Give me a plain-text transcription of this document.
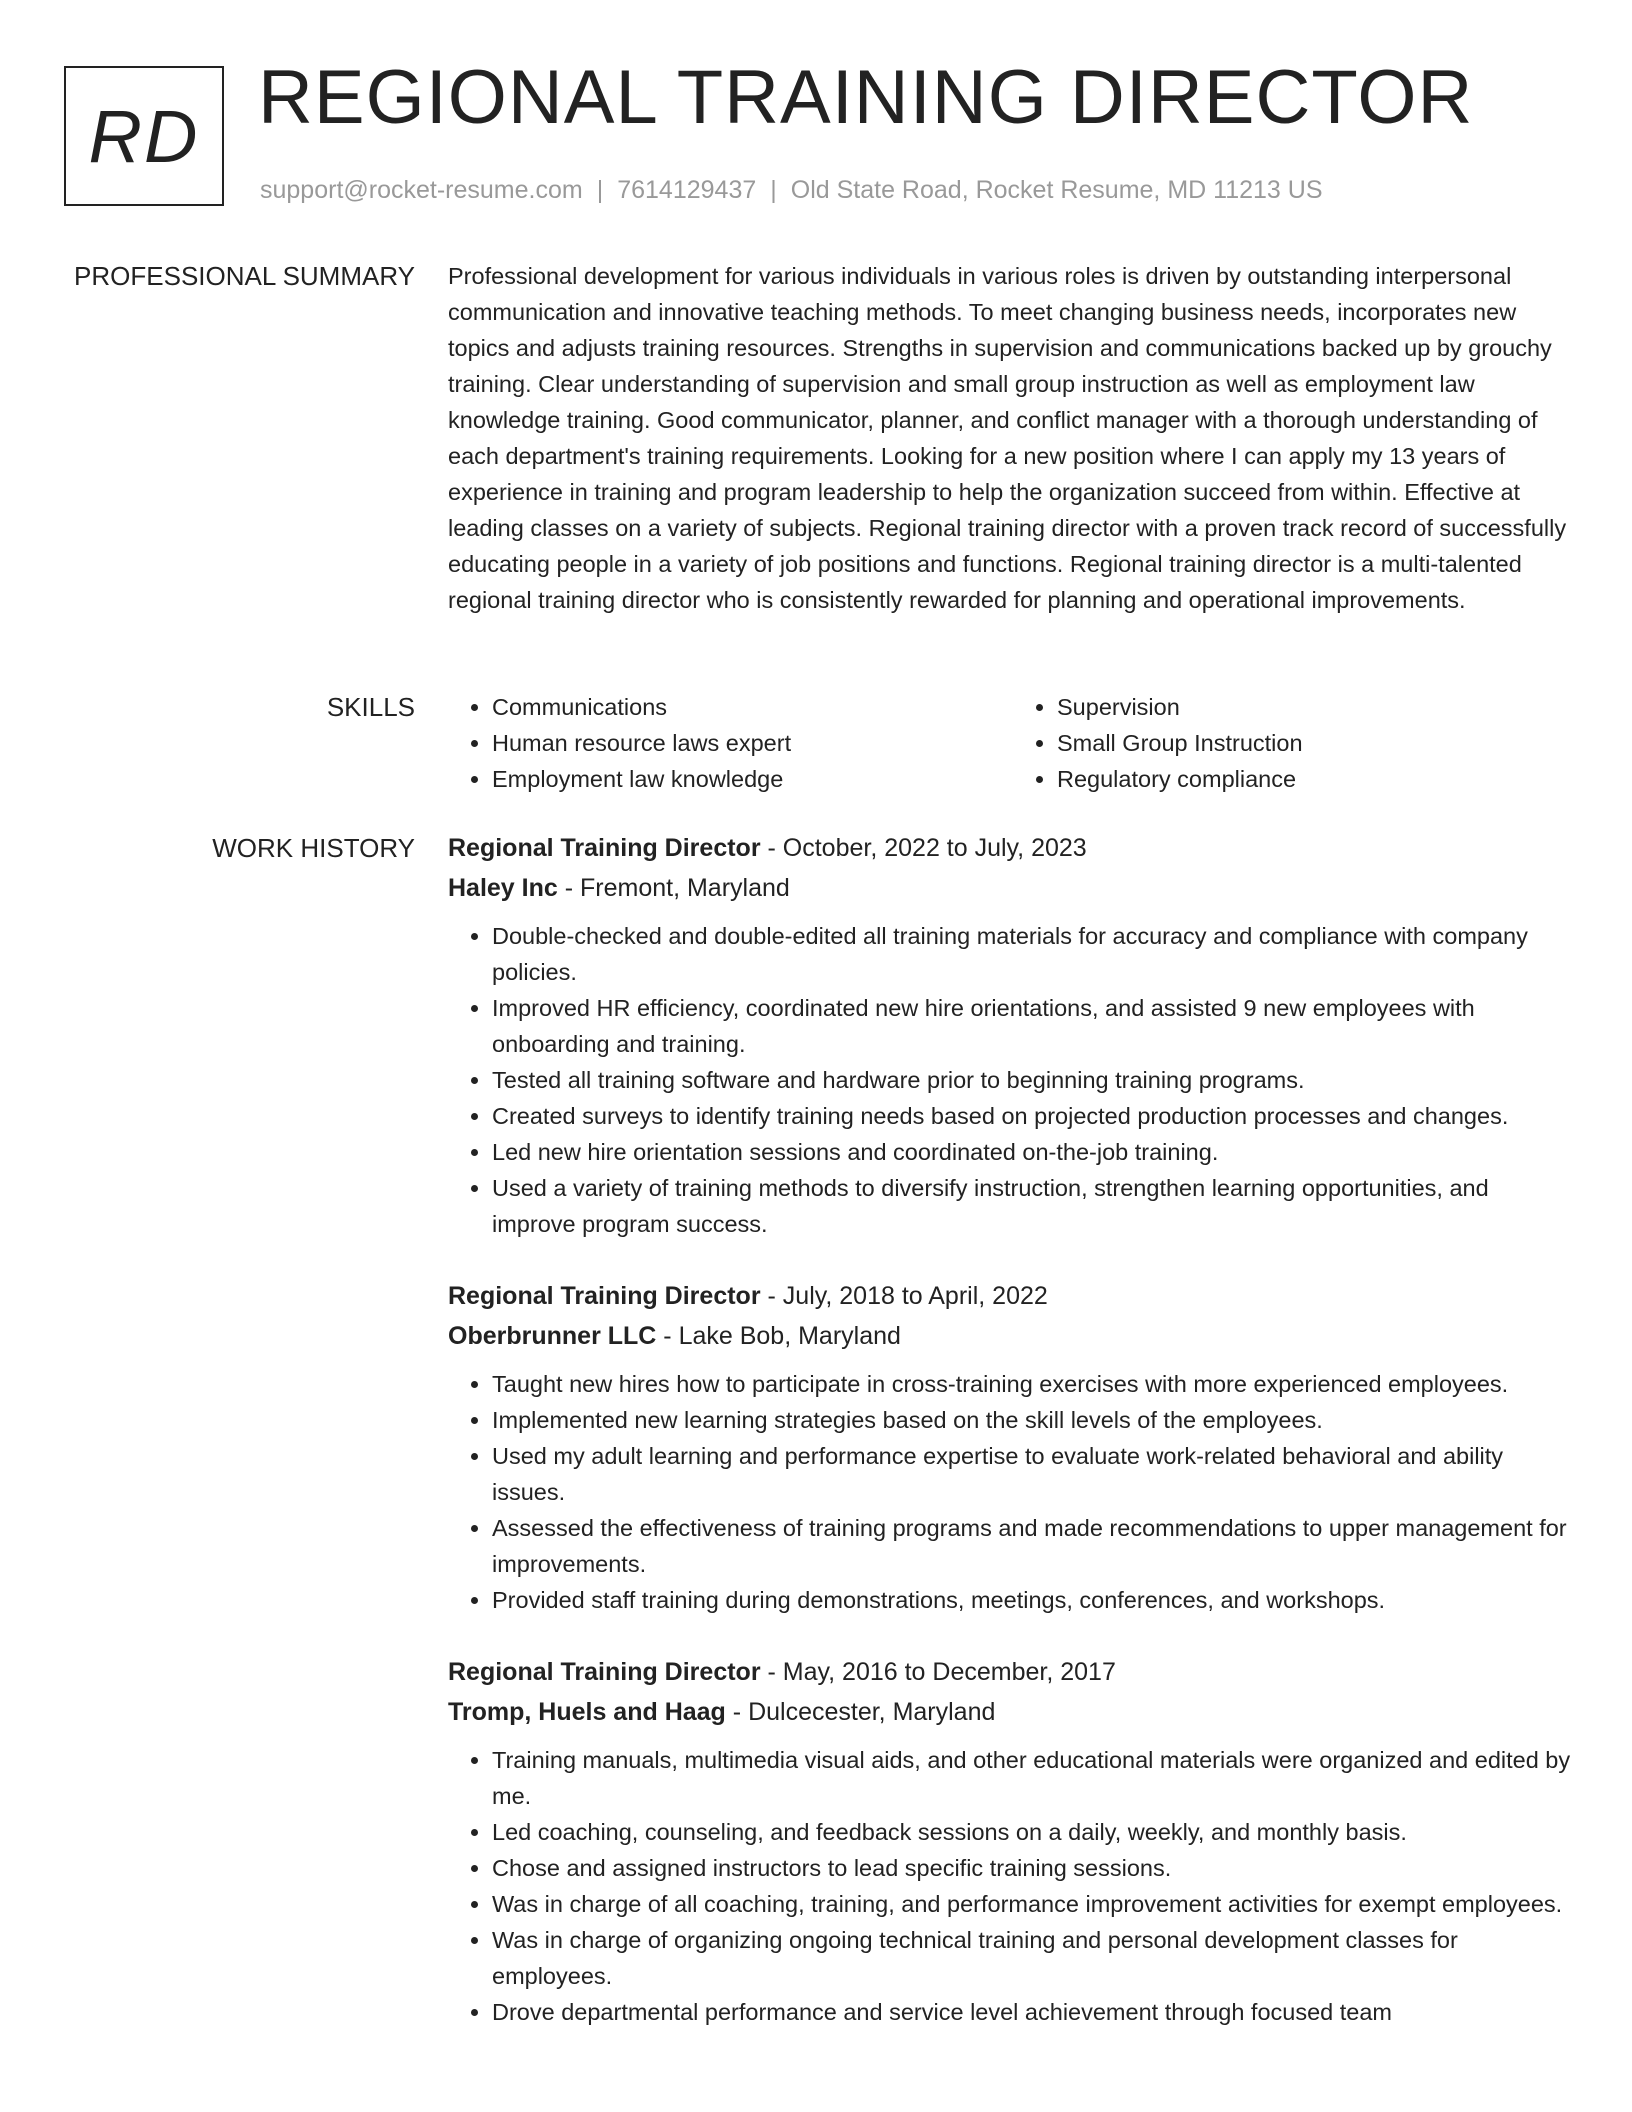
RD REGIONAL TRAINING DIRECTOR
support@rocket-resume.com | 7614129437 | Old State Road, Rocket Resume, MD 11213 US
PROFESSIONAL SUMMARY Professional development for various individuals in various roles is driven by outstanding interpersonal communication and innovative teaching methods. To meet changing business needs, incorporates new topics and adjusts training resources. Strengths in supervision and communications backed up by grouchy training. Clear understanding of supervision and small group instruction as well as employment law knowledge training. Good communicator, planner, and conflict manager with a thorough understanding of each department's training requirements. Looking for a new position where I can apply my 13 years of experience in training and program leadership to help the organization succeed from within. Effective at leading classes on a variety of subjects. Regional training director with a proven track record of successfully educating people in a variety of job positions and functions. Regional training director is a multi-talented regional training director who is consistently rewarded for planning and operational improvements.

SKILLS
•	Communications
• Human resource laws expert
• Employment law knowledge
• Supervision
• Small Group Instruction
• Regulatory compliance
WORK HISTORY Regional Training Director - October, 2022 to July, 2023
Haley Inc - Fremont, Maryland
• Double-checked and double-edited all training materials for accuracy and compliance with company policies.
• Improved HR efficiency, coordinated new hire orientations, and assisted 9 new employees with onboarding and training.
• Tested all training software and hardware prior to beginning training programs.
• Created surveys to identify training needs based on projected production processes and changes.
• Led new hire orientation sessions and coordinated on-the-job training.
• Used a variety of training methods to diversify instruction, strengthen learning opportunities, and improve program success.
Regional Training Director - July, 2018 to April, 2022
Oberbrunner LLC - Lake Bob, Maryland
• Taught new hires how to participate in cross-training exercises with more experienced employees.
• Implemented new learning strategies based on the skill levels of the employees.
• Used my adult learning and performance expertise to evaluate work-related behavioral and ability issues.
• Assessed the effectiveness of training programs and made recommendations to upper management for improvements.
• Provided staff training during demonstrations, meetings, conferences, and workshops.
Regional Training Director - May, 2016 to December, 2017
Tromp, Huels and Haag - Dulcecester, Maryland
• Training manuals, multimedia visual aids, and other educational materials were organized and edited by me.
• Led coaching, counseling, and feedback sessions on a daily, weekly, and monthly basis.
• Chose and assigned instructors to lead specific training sessions.
• Was in charge of all coaching, training, and performance improvement activities for exempt employees.
• Was in charge of organizing ongoing technical training and personal development classes for employees.
• Drove departmental performance and service level achievement through focused team
